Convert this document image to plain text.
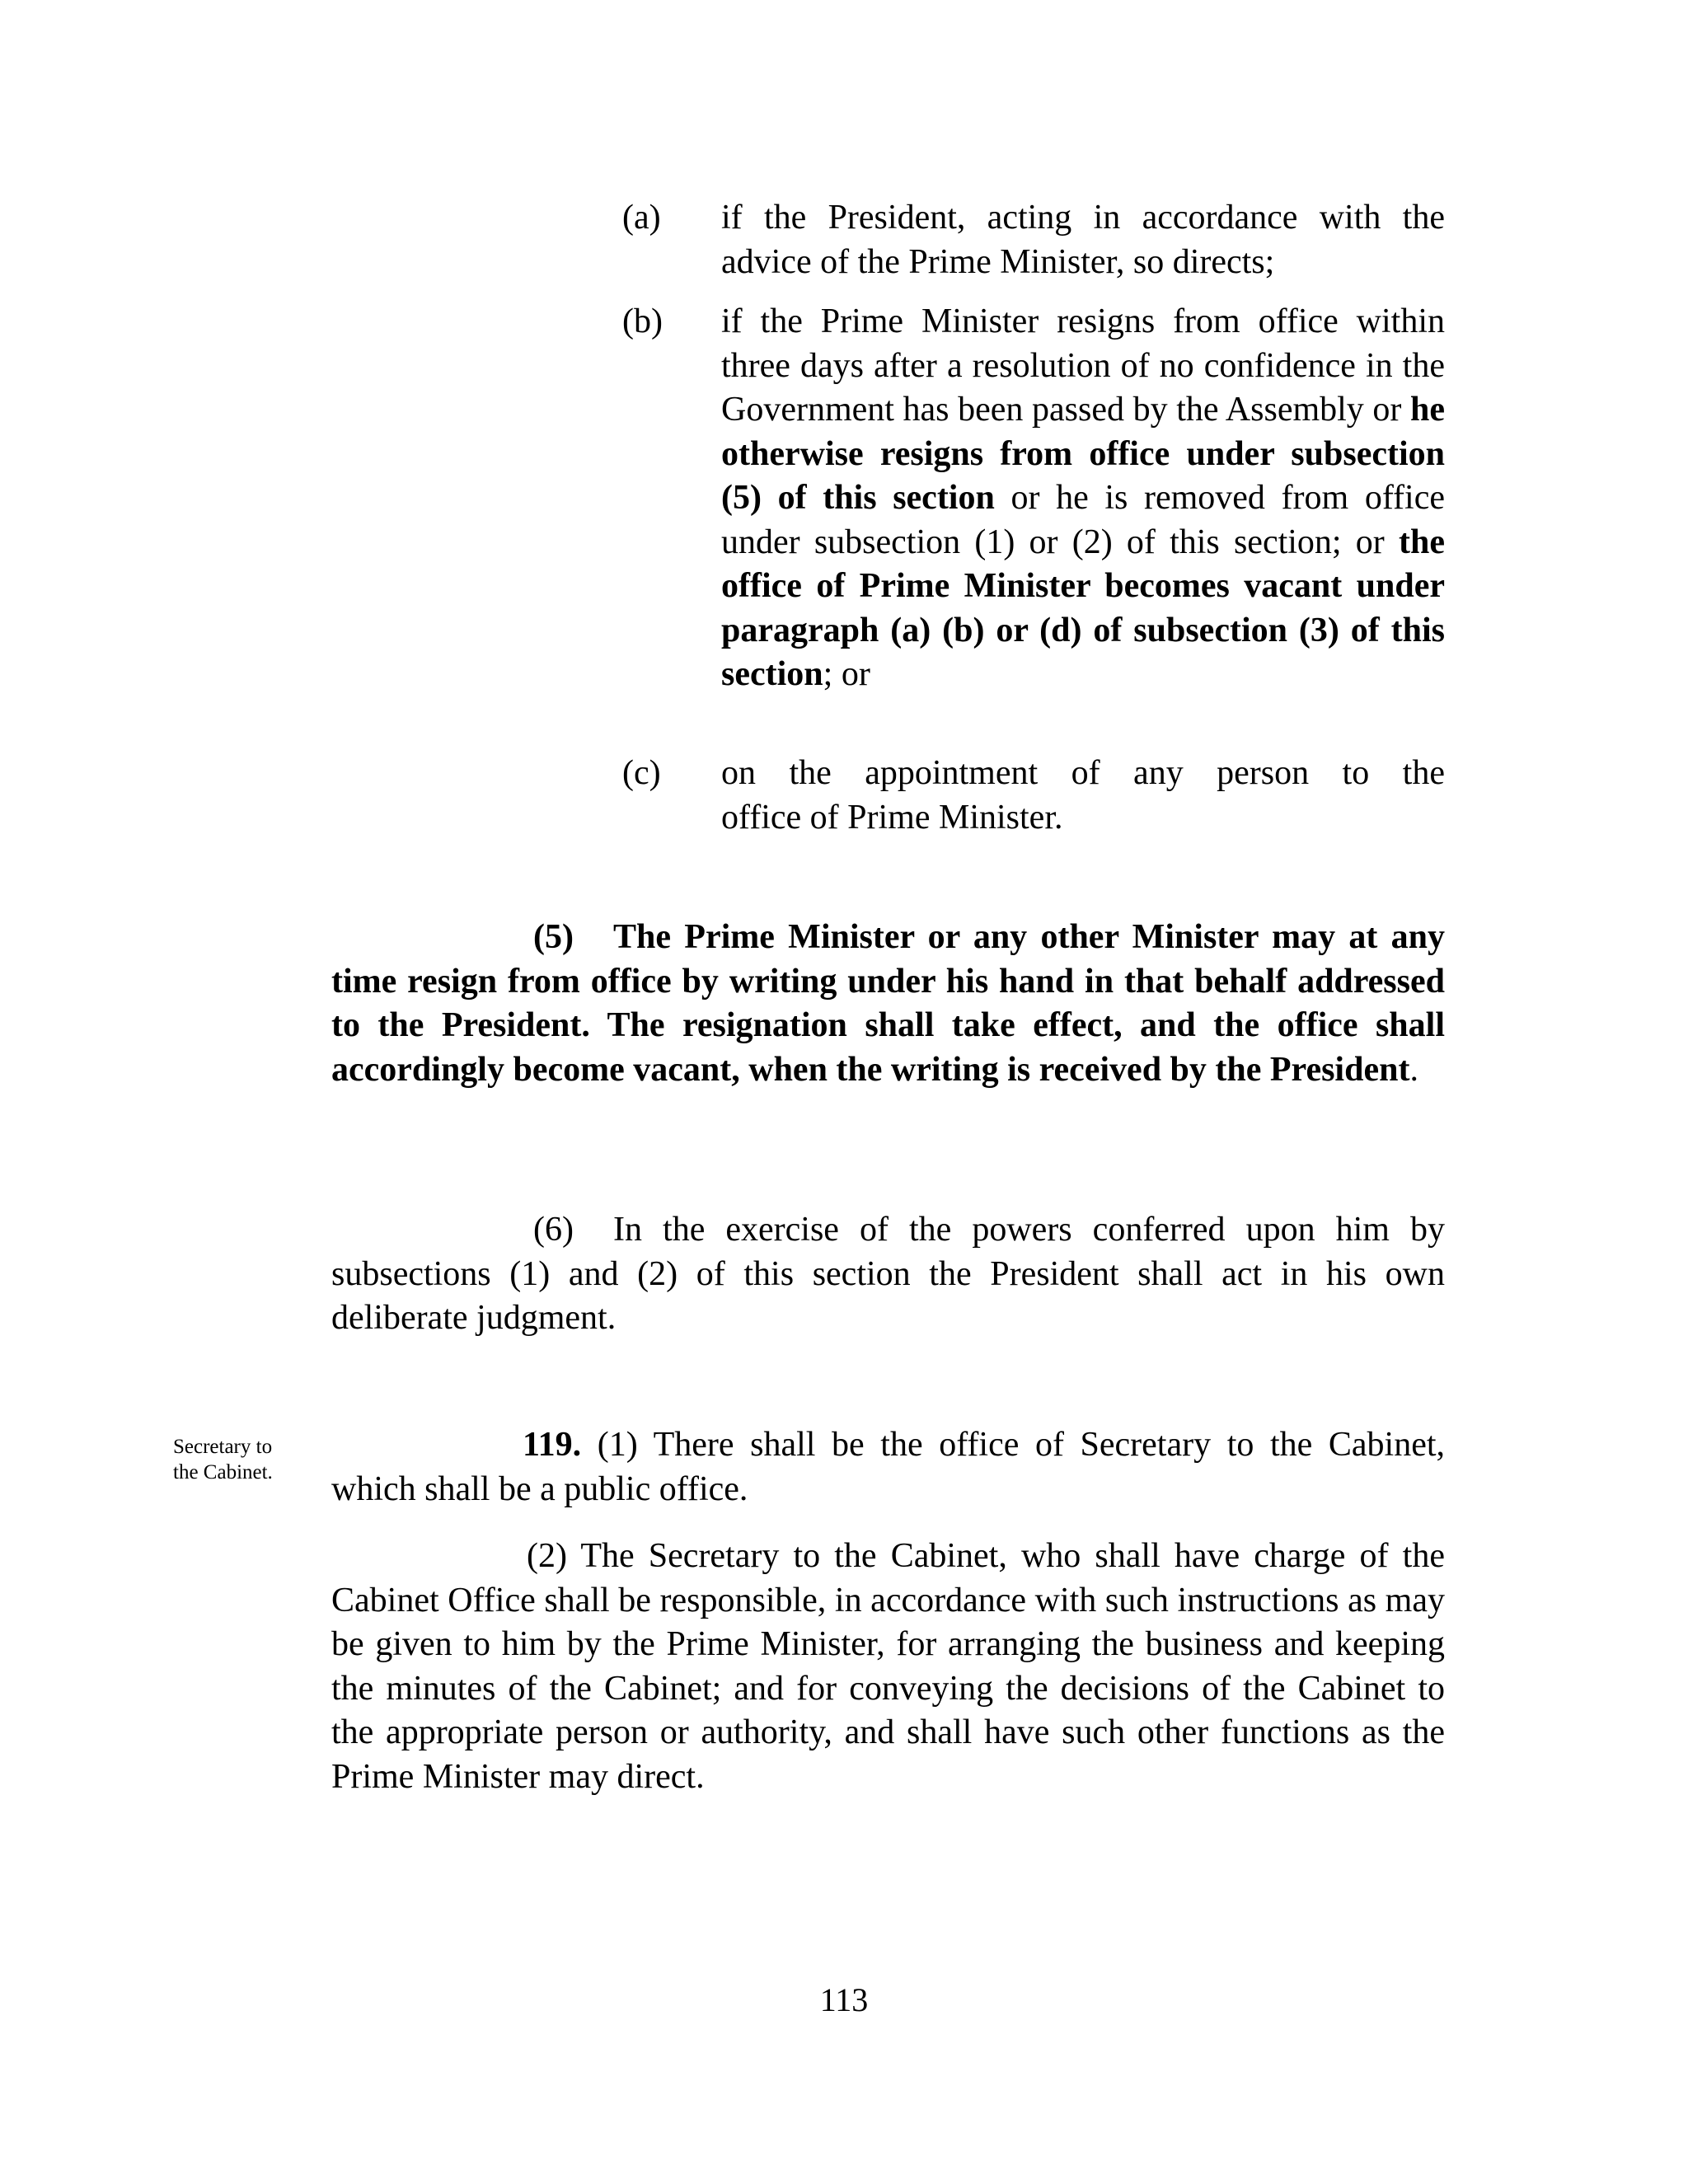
(a)	if the President, acting in accordance with the
advice of the Prime Minister, so directs;
(b)	if the Prime Minister resigns from office within three days after a resolution of no confidence in the Government has been passed by the Assembly or he otherwise resigns from office under subsection (5) of this section or he is removed from office under subsection (1) or (2) of this section; or the office of Prime Minister becomes vacant under paragraph (a) (b) or (d) of subsection (3) of this section; or
(c)	on the appointment of any person to the
office of Prime Minister.
(5) The Prime Minister or any other Minister may at any time resign from office by writing under his hand in that behalf addressed to the President. The resignation shall take effect, and the office shall accordingly become vacant, when the writing is received by the President.
(6) In the exercise of the powers conferred upon him by subsections (1) and (2) of this section the President shall act in his own deliberate judgment.
Secretary to the Cabinet.
119. (1) There shall be the office of Secretary to the Cabinet, which shall be a public office.
(2) The Secretary to the Cabinet, who shall have charge of the Cabinet Office shall be responsible, in accordance with such instructions as may be given to him by the Prime Minister, for arranging the business and keeping the minutes of the Cabinet; and for conveying the decisions of the Cabinet to the appropriate person or authority, and shall have such other functions as the Prime Minister may direct.
113
